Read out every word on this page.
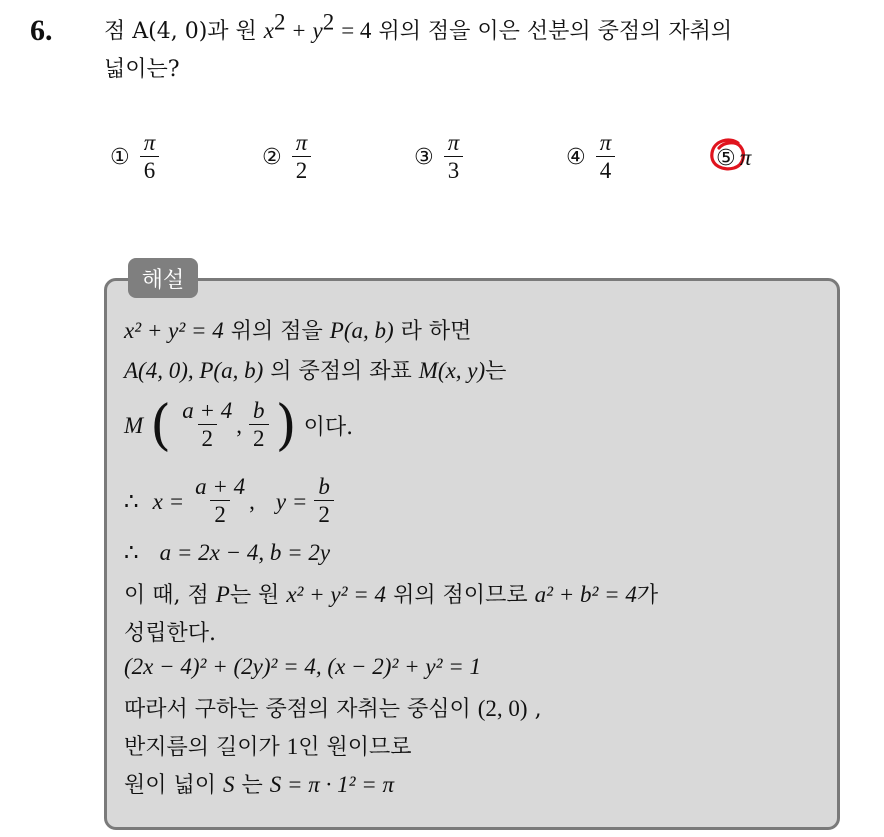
6. 점 A(4, 0)과 원 $x^2 + y^2 = 4$ 위의 점을 이은 선분의 중점의 자취의
넓이는?
① $\frac{\pi}{6}$	② $\frac{\pi}{2}$	③ $\frac{\pi}{3}$	④ $\frac{\pi}{4}$	⑤ π
해설
x² + y² = 4 위의 점을 P(a, b) 라 하면
A(4, 0), P(a, b) 의 중점의 좌표 M(x, y)는
M ( $\frac{a + 4}{2}$ , $\frac{b}{2}$ ) 이다.
∴ $x = \frac{a + 4}{2}$ , $y = \frac{b}{2}$
∴ a = 2x − 4, b = 2y
이 때, 점 P는 원 x² + y² = 4 위의 점이므로 a² + b² = 4가
성립한다.
(2x − 4)² + (2y)² = 4, (x − 2)² + y² = 1
따라서 구하는 중점의 자취는 중심이 (2, 0) ,
반지름의 길이가 1인 원이므로
원이 넓이 S 는 S = π · 1² = π
